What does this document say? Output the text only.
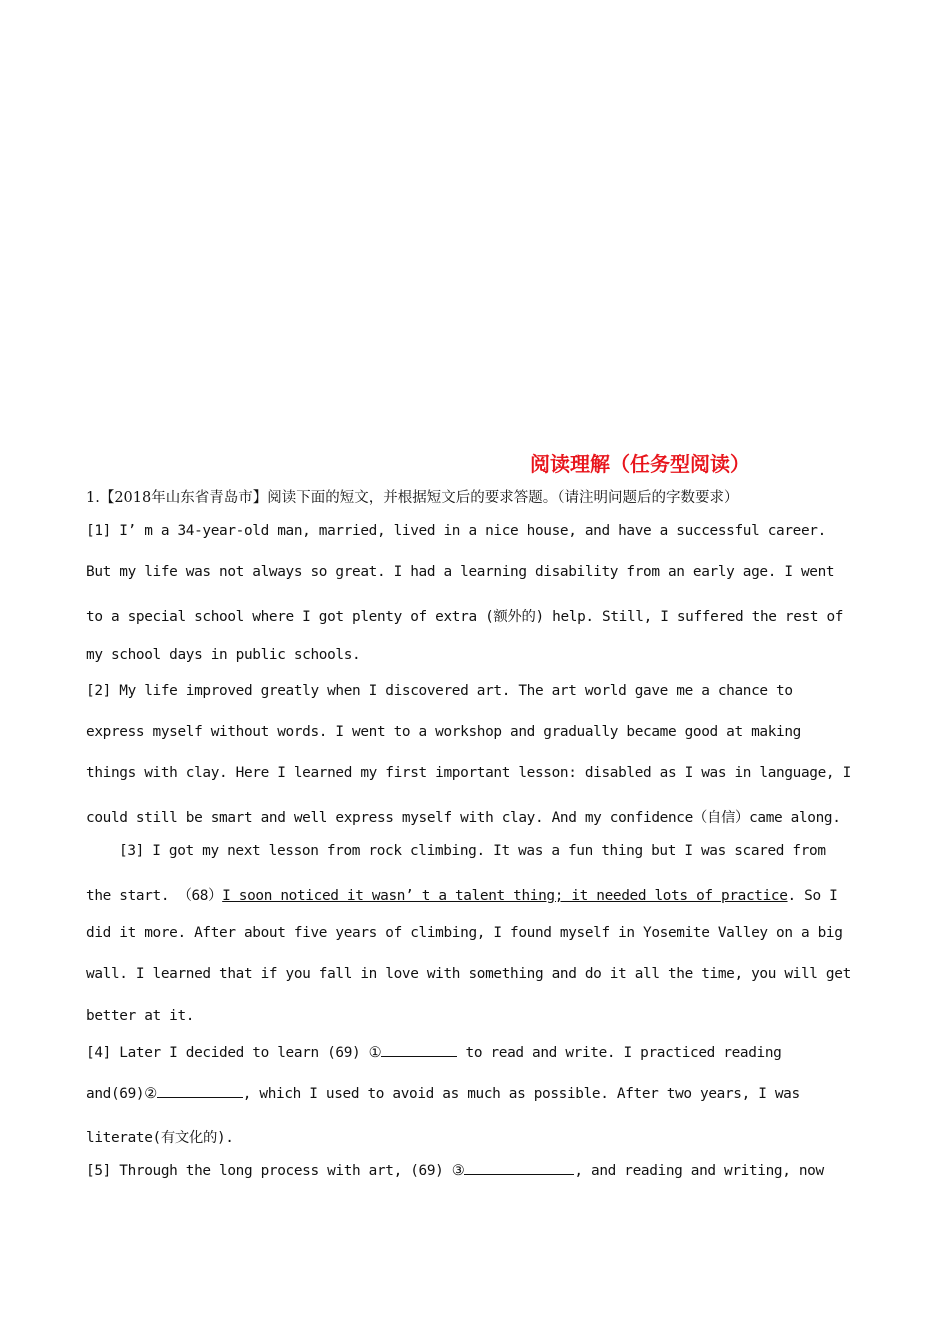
阅读理解（任务型阅读）
1.【2018年山东省青岛市】阅读下面的短文，并根据短文后的要求答题。（请注明问题后的字数要求）
[1] I’ m a 34-year-old man, married, lived in a nice house, and have a successful career.
But my life was not always so great. I had a learning disability from an early age. I went
to a special school where I got plenty of extra (额外的) help. Still, I suffered the rest of
my school days in public schools.
[2] My life improved greatly when I discovered art. The art world gave me a chance to
express myself without words. I went to a workshop and gradually became good at making
things with clay. Here I learned my first important lesson: disabled as I was in language, I
could still be smart and well express myself with clay. And my confidence（自信）came along.
[3] I got my next lesson from rock climbing. It was a fun thing but I was scared from
the start. （68）I soon noticed it wasn’ t a talent thing; it needed lots of practice. So I
did it more. After about five years of climbing, I found myself in Yosemite Valley on a big
wall. I learned that if you fall in love with something and do it all the time, you will get
better at it.
[4] Later I decided to learn (69) ①	to read and write. I practiced reading
and(69)②	, which I used to avoid as much as possible. After two years, I was
literate(有文化的).
[5] Through the long process with art, (69) ③	, and reading and writing, now
